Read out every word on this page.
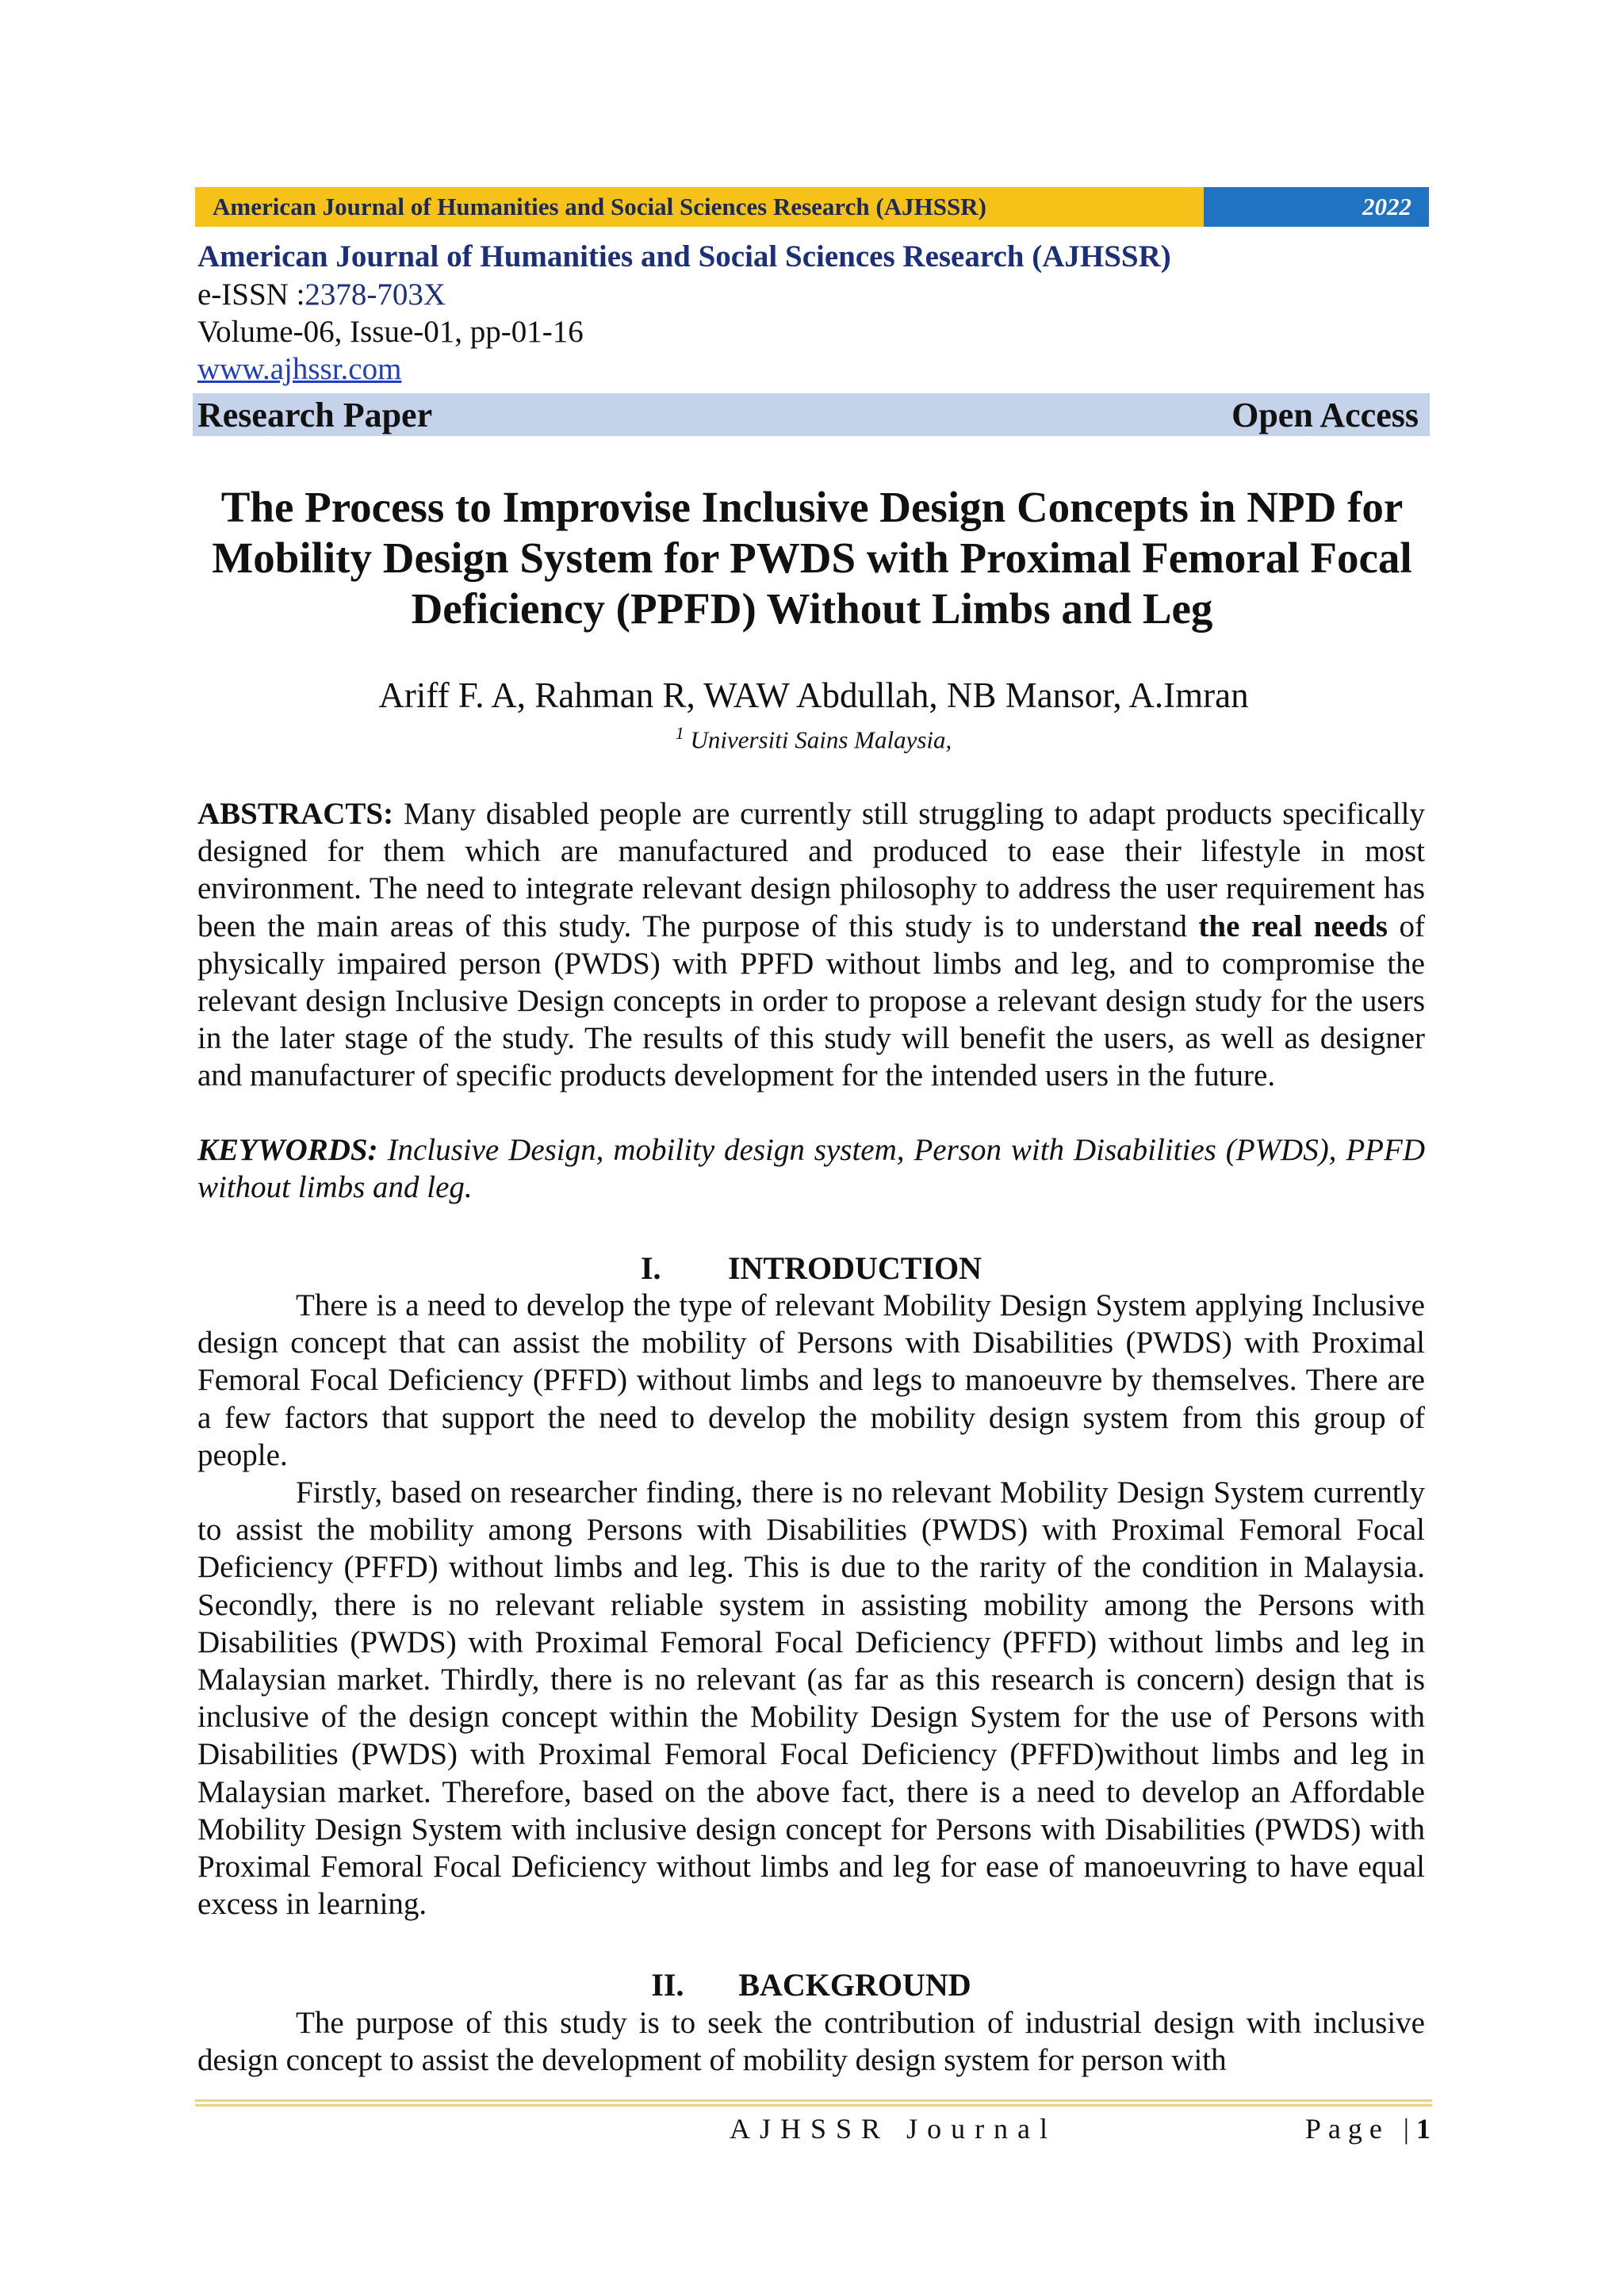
American Journal of Humanities and Social Sciences Research (AJHSSR)	2022
American Journal of Humanities and Social Sciences Research (AJHSSR)
e-ISSN :2378-703X
Volume-06, Issue-01, pp-01-16
www.ajhssr.com
Research Paper	Open Access
The Process to Improvise Inclusive Design Concepts in NPD for
Mobility Design System for PWDS with Proximal Femoral Focal
Deficiency (PPFD) Without Limbs and Leg
Ariff F. A, Rahman R, WAW Abdullah, NB Mansor, A.Imran
$^1$ Universiti Sains Malaysia,
ABSTRACTS: Many disabled people are currently still struggling to adapt products specifically designed for them which are manufactured and produced to ease their lifestyle in most environment. The need to integrate relevant design philosophy to address the user requirement has been the main areas of this study. The purpose of this study is to understand the real needs of physically impaired person (PWDS) with PPFD without limbs and leg, and to compromise the relevant design Inclusive Design concepts in order to propose a relevant design study for the users in the later stage of the study. The results of this study will benefit the users, as well as designer and manufacturer of specific products development for the intended users in the future.
KEYWORDS: Inclusive Design, mobility design system, Person with Disabilities (PWDS), PPFD without limbs and leg.
I. INTRODUCTION
There is a need to develop the type of relevant Mobility Design System applying Inclusive design concept that can assist the mobility of Persons with Disabilities (PWDS) with Proximal Femoral Focal Deficiency (PFFD) without limbs and legs to manoeuvre by themselves. There are a few factors that support the need to develop the mobility design system from this group of people.
Firstly, based on researcher finding, there is no relevant Mobility Design System currently to assist the mobility among Persons with Disabilities (PWDS) with Proximal Femoral Focal Deficiency (PFFD) without limbs and leg. This is due to the rarity of the condition in Malaysia. Secondly, there is no relevant reliable system in assisting mobility among the Persons with Disabilities (PWDS) with Proximal Femoral Focal Deficiency (PFFD) without limbs and leg in Malaysian market. Thirdly, there is no relevant (as far as this research is concern) design that is inclusive of the design concept within the Mobility Design System for the use of Persons with Disabilities (PWDS) with Proximal Femoral Focal Deficiency (PFFD)without limbs and leg in Malaysian market. Therefore, based on the above fact, there is a need to develop an Affordable Mobility Design System with inclusive design concept for Persons with Disabilities (PWDS) with Proximal Femoral Focal Deficiency without limbs and leg for ease of manoeuvring to have equal excess in learning.
II. BACKGROUND
The purpose of this study is to seek the contribution of industrial design with inclusive design concept to assist the development of mobility design system for person with
AJHSSR Journal	Page |1
